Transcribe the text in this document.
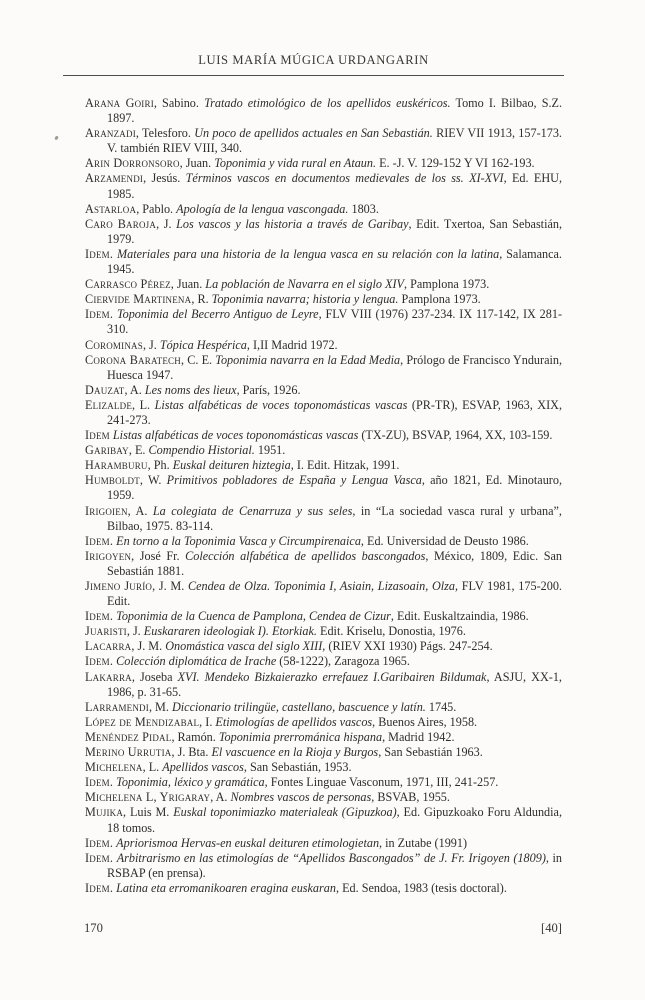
LUIS MARÍA MÚGICA URDANGARIN

Arana Goiri, Sabino. Tratado etimológico de los apellidos euskéricos. Tomo I. Bilbao, S.Z. 1897.

Aranzadi, Telesforo. Un poco de apellidos actuales en San Sebastián. RIEV VII 1913, 157-173. V. también RIEV VIII, 340.

Arin Dorronsoro, Juan. Toponimia y vida rural en Ataun. E. -J. V. 129-152 Y VI 162-193.

Arzamendi, Jesús. Términos vascos en documentos medievales de los ss. XI-XVI, Ed. EHU, 1985.

Astarloa, Pablo. Apología de la lengua vascongada. 1803.

Caro Baroja, J. Los vascos y las historia a través de Garibay, Edit. Txertoa, San Sebastián, 1979.

Idem. Materiales para una historia de la lengua vasca en su relación con la latina, Salamanca. 1945.

Carrasco Pérez, Juan. La población de Navarra en el siglo XIV, Pamplona 1973.

Ciervide Martinena, R. Toponimia navarra; historia y lengua. Pamplona 1973.

Idem. Toponimia del Becerro Antiguo de Leyre, FLV VIII (1976) 237-234. IX 117-142, IX 281-310.

Corominas, J. Tópica Hespérica, I,II Madrid 1972.

Corona Baratech, C. E. Toponimia navarra en la Edad Media, Prólogo de Francisco Yndurain, Huesca 1947.

Dauzat, A. Les noms des lieux, París, 1926.

Elizalde, L. Listas alfabéticas de voces toponomásticas vascas (PR-TR), ESVAP, 1963, XIX, 241-273.

Idem Listas alfabéticas de voces toponomásticas vascas (TX-ZU), BSVAP, 1964, XX, 103-159.

Garibay, E. Compendio Historial. 1951.

Haramburu, Ph. Euskal deituren hiztegia, I. Edit. Hitzak, 1991.

Humboldt, W. Primitivos pobladores de España y Lengua Vasca, año 1821, Ed. Minotauro, 1959.

Irigoien, A. La colegiata de Cenarruza y sus seles, in “La sociedad vasca rural y urbana”, Bilbao, 1975. 83-114.

Idem. En torno a la Toponimia Vasca y Circumpirenaica, Ed. Universidad de Deusto 1986.

Irigoyen, José Fr. Colección alfabética de apellidos bascongados, México, 1809, Edic. San Sebastián 1881.

Jimeno Jurío, J. M. Cendea de Olza. Toponimia I, Asiain, Lizasoain, Olza, FLV 1981, 175-200. Edit.

Idem. Toponimia de la Cuenca de Pamplona, Cendea de Cizur, Edit. Euskaltzaindia, 1986.

Juaristi, J. Euskararen ideologiak I). Etorkiak. Edit. Kriselu, Donostia, 1976.

Lacarra, J. M. Onomástica vasca del siglo XIII, (RIEV XXI 1930) Págs. 247-254.

Idem. Colección diplomática de Irache (58-1222), Zaragoza 1965.

Lakarra, Joseba XVI. Mendeko Bizkaierazko errefauez I.Garibairen Bildumak, ASJU, XX-1, 1986, p. 31-65.

Larramendi, M. Diccionario trilingüe, castellano, bascuence y latín. 1745.

López de Mendizabal, I. Etimologías de apellidos vascos, Buenos Aires, 1958.

Menéndez Pidal, Ramón. Toponimia prerrománica hispana, Madrid 1942.

Merino Urrutia, J. Bta. El vascuence en la Rioja y Burgos, San Sebastián 1963.

Michelena, L. Apellidos vascos, San Sebastián, 1953.

Idem. Toponimia, léxico y gramática, Fontes Linguae Vasconum, 1971, III, 241-257.

Michelena L, Yrigaray, A. Nombres vascos de personas, BSVAB, 1955.

Mujika, Luis M. Euskal toponimiazko materialeak (Gipuzkoa), Ed. Gipuzkoako Foru Aldundia, 18 tomos.

Idem. Apriorismoa Hervas-en euskal deituren etimologietan, in Zutabe (1991)

Idem. Arbitrarismo en las etimologías de “Apellidos Bascongados” de J. Fr. Irigoyen (1809), in RSBAP (en prensa).

Idem. Latina eta erromanikoaren eragina euskaran, Ed. Sendoa, 1983 (tesis doctoral).

170	[40]
